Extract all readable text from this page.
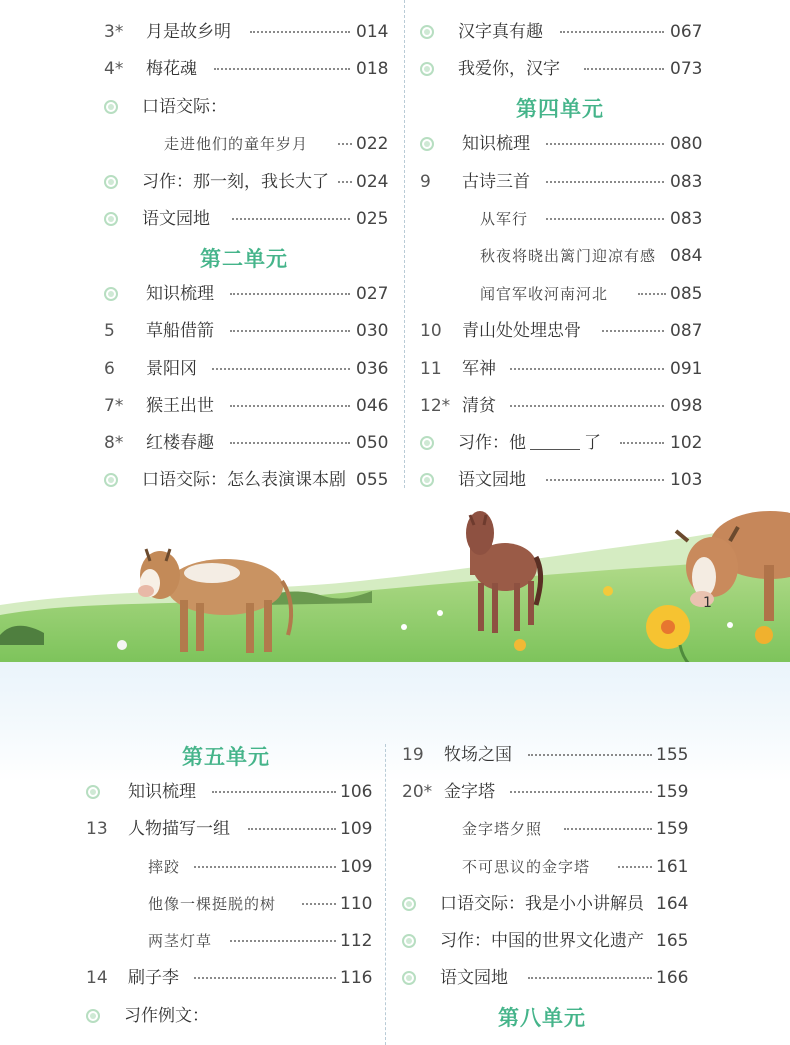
3* 月是故乡明	014
4* 梅花魂	018
口语交际：
走进他们的童年岁月	022
习作：那一刻，我长大了 024
语文园地	025
第二单元
知识梳理	027
5 草船借箭	030
6 景阳冈	036
7* 猴王出世	046
8* 红楼春趣	050
口语交际：怎么表演课本剧 055
汉字真有趣	067
我爱你，汉字	073
第四单元
知识梳理	080
9 古诗三首	083
从军行	083
秋夜将晓出篱门迎凉有感 084
闻官军收河南河北	085
10 青山处处埋忠骨	087
11 军神	091
12* 清贫	098
习作：他	了	102
语文园地	103
1
第五单元
知识梳理	106
13 人物描写一组	109
摔跤	109
他像一棵挺脱的树	110
两茎灯草	112
14 刷子李	116
习作例文：
19 牧场之国	155
20* 金字塔	159
金字塔夕照	159
不可思议的金字塔	161
口语交际：我是小小讲解员 164
习作：中国的世界文化遗产 165
语文园地	166
第八单元
